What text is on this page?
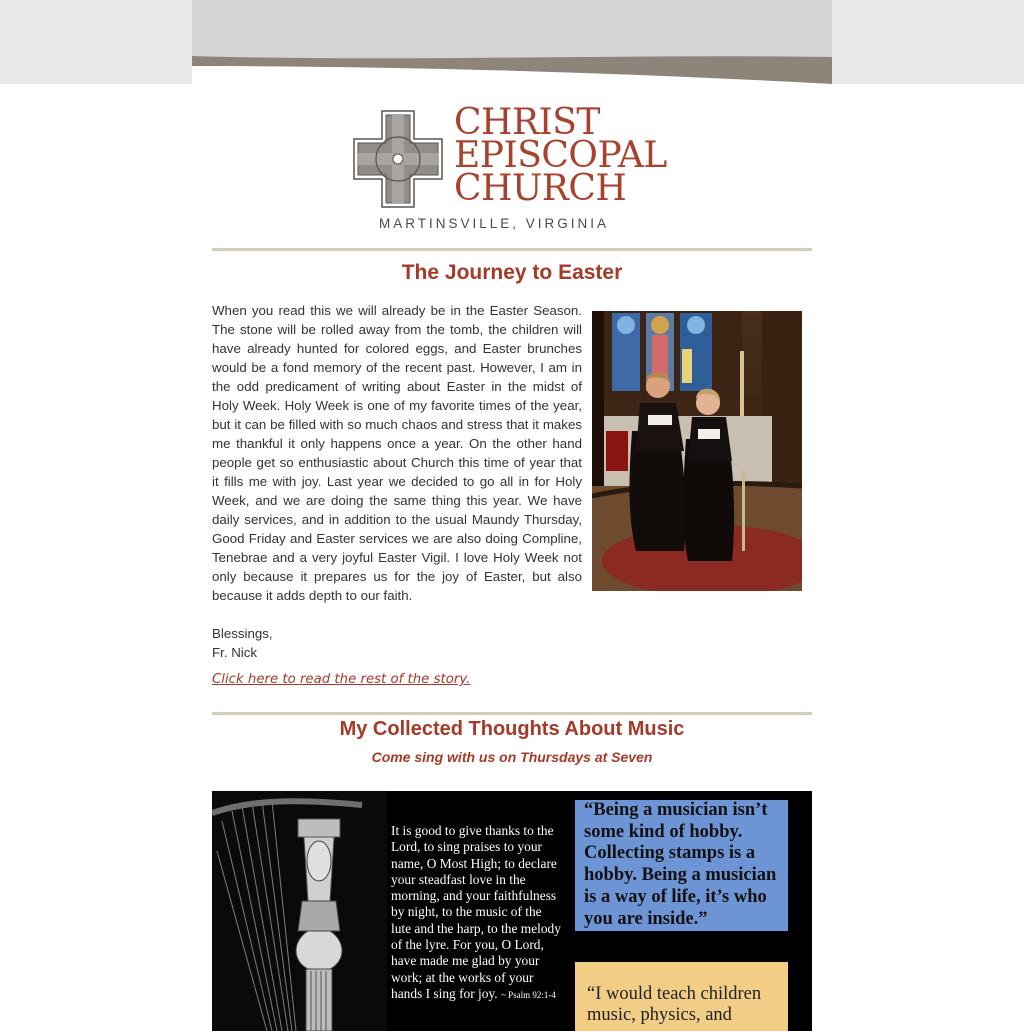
CHRIST
EPISCOPAL
CHURCH
MARTINSVILLE, VIRGINIA
The Journey to Easter

When you read this we will already be in the Easter Season. The stone will be rolled away from the tomb, the children will have already hunted for colored eggs, and Easter brunches would be a fond memory of the recent past. However, I am in the odd predicament of writing about Easter in the midst of Holy Week. Holy Week is one of my favorite times of the year, but it can be filled with so much chaos and stress that it makes me thankful it only happens once a year. On the other hand people get so enthusiastic about Church this time of year that it fills me with joy. Last year we decided to go all in for Holy Week, and we are doing the same thing this year. We have daily services, and in addition to the usual Maundy Thursday, Good Friday and Easter services we are also doing Compline, Tenebrae and a very joyful Easter Vigil. I love Holy Week not only because it prepares us for the joy of Easter, but also because it adds depth to our faith.

Blessings,
Fr. Nick
Click here to read the rest of the story.
My Collected Thoughts About Music
Come sing with us on Thursdays at Seven
It is good to give thanks to the Lord, to sing praises to your name, O Most High; to declare your steadfast love in the morning, and your faithfulness by night, to the music of the lute and the harp, to the melody of the lyre. For you, O Lord, have made me glad by your work; at the works of your hands I sing for joy. ~ Psalm 92:1-4
“Being a musician isn’t some kind of hobby. Collecting stamps is a hobby. Being a musician is a way of life, it’s who you are inside.”
“I would teach children music, physics, and
